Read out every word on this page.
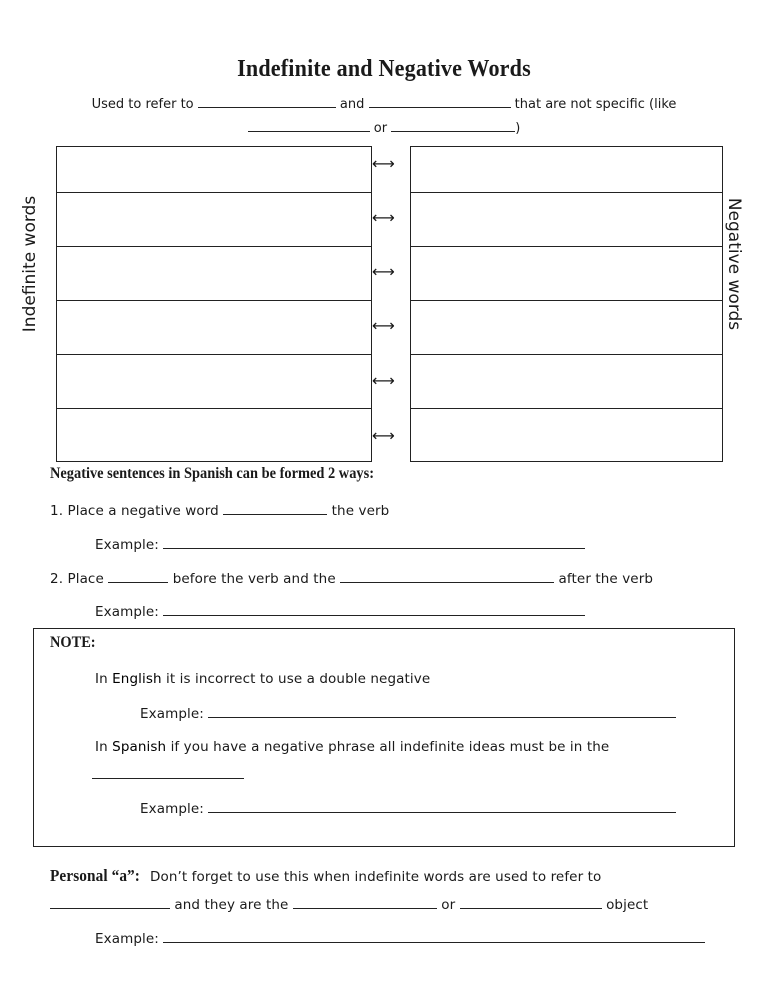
Indefinite and Negative Words
Used to refer to	and	that are not specific (like
or	)
Indefinite words	Negative words
⟷
⟷
⟷
⟷
⟷
⟷
Negative sentences in Spanish can be formed 2 ways:
1. Place a negative word	the verb
Example:
2. Place	before the verb and the	after the verb
Example:
NOTE:
In English it is incorrect to use a double negative
Example:
In Spanish if you have a negative phrase all indefinite ideas must be in the
Example:
Personal “a”: Don’t forget to use this when indefinite words are used to refer to
and they are the	or	object
Example:
